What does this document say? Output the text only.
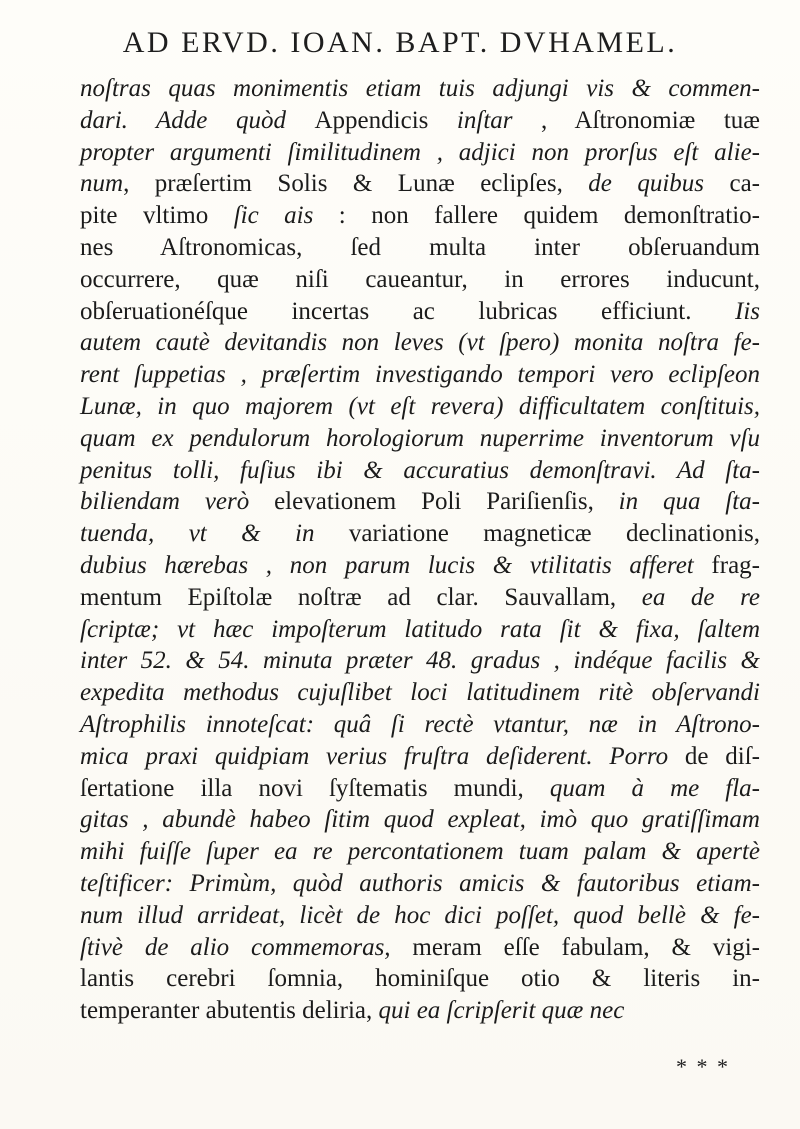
AD ERVD. IOAN. BAPT. DVHAMEL.
noſtras quas monimentis etiam tuis adjungi vis & commen-
dari. Adde quòd Appendicis inſtar , Aſtronomiæ tuæ
propter argumenti ſimilitudinem , adjici non prorſus eſt alie-
num, præſertim Solis & Lunæ eclipſes, de quibus ca-
pite vltimo ſic ais : non fallere quidem demonſtratio-
nes Aſtronomicas, ſed multa inter obſeruandum
occurrere, quæ niſi caueantur, in errores inducunt,
obſeruationéſque incertas ac lubricas efficiunt. Iis
autem cautè devitandis non leves (vt ſpero) monita noſtra fe-
rent ſuppetias , præſertim investigando tempori vero eclipſeon
Lunæ, in quo majorem (vt eſt revera) difficultatem conſtituis,
quam ex pendulorum horologiorum nuperrime inventorum vſu
penitus tolli, fuſius ibi & accuratius demonſtravi. Ad ſta-
biliendam verò elevationem Poli Pariſienſis, in qua ſta-
tuenda, vt & in variatione magneticæ declinationis,
dubius hærebas , non parum lucis & vtilitatis afferet frag-
mentum Epiſtolæ noſtræ ad clar. Sauvallam, ea de re
ſcriptæ; vt hæc impoſterum latitudo rata ſit & fixa, ſaltem
inter 52. & 54. minuta præter 48. gradus , indéque facilis &
expedita methodus cujuſlibet loci latitudinem ritè obſervandi
Aſtrophilis innoteſcat: quâ ſi rectè vtantur, næ in Aſtrono-
mica praxi quidpiam verius fruſtra deſiderent. Porro de diſ-
ſertatione illa novi ſyſtematis mundi, quam à me fla-
gitas , abundè habeo ſitim quod expleat, imò quo gratiſſimam
mihi fuiſſe ſuper ea re percontationem tuam palam & apertè
teſtificer: Primùm, quòd authoris amicis & fautoribus etiam-
num illud arrideat, licèt de hoc dici poſſet, quod bellè & fe-
ſtivè de alio commemoras, meram eſſe fabulam, & vigi-
lantis cerebri ſomnia, hominiſque otio & literis in-
temperanter abutentis deliria, qui ea ſcripſerit quæ nec
* * *
